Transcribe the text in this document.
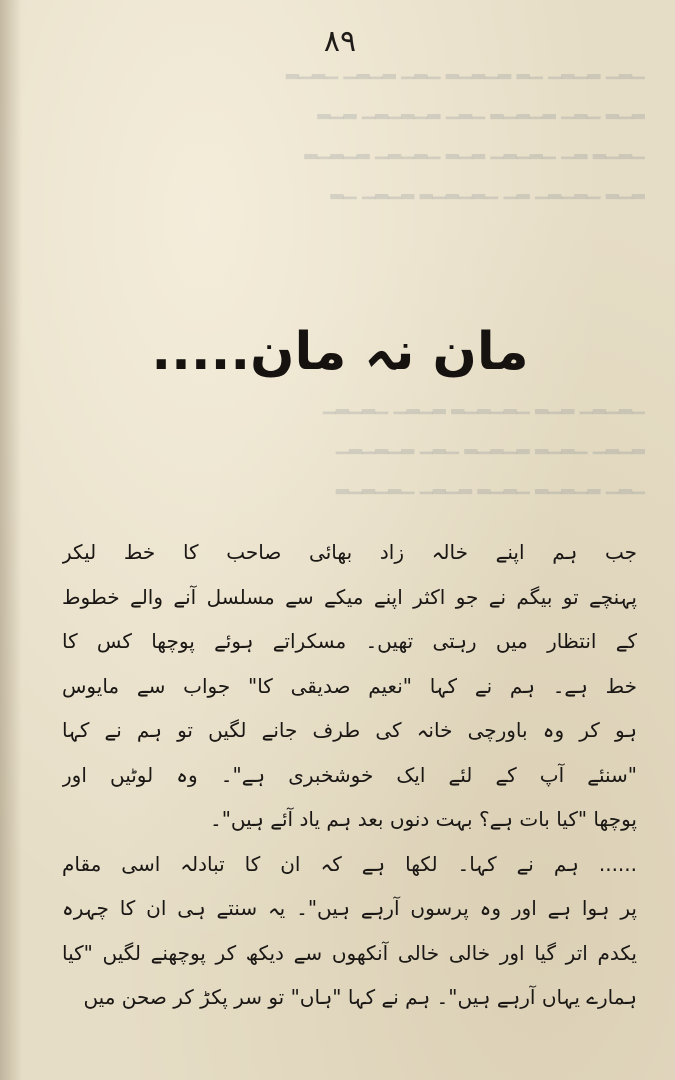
▁▂▁ ▂▁▂▁ ▁▂ ▂▁▂▁▂ ▁▂▁ ▂▁▂▁ ▁▂▁▂
▂▁▂ ▁▂▁ ▂▁▂▁▂ ▁▂▁ ▂▁▂▁▂▁ ▂▁▂
▁▂▁▂ ▂▁ ▁▂▁▂▁ ▂▁▂ ▁▂▁▂▁ ▂▁▂▁▂
▂▁▂ ▁▂▁▂▁ ▂▁ ▁▂▁▂▁▂ ▂▁▂▁ ▁▂
▁▂▁▂▁ ▂▁▂ ▁▂▁▂▁▂ ▂▁▂▁ ▁▂▁▂▁
▂▁▂▁ ▁▂▁▂ ▂▁▂▁▂ ▁▂▁ ▂▁▂▁▂▁
▁▂▁ ▂▁▂▁▂ ▁▂▁▂ ▂▁▂▁ ▁▂▁▂▁▂
۸۹
مان نہ مان.....
جب ہم اپنے خالہ زاد بھائی صاحب کا خط لیکر
پہنچے تو بیگم نے جو اکثر اپنے میکے سے مسلسل آنے والے خطوط
کے انتظار میں رہتی تھیں۔ مسکراتے ہوئے پوچھا کس کا
خط ہے۔ ہم نے کہا "نعیم صدیقی کا" جواب سے مایوس
ہو کر وہ باورچی خانہ کی طرف جانے لگیں تو ہم نے کہا
"سنئے آپ کے لئے ایک خوشخبری ہے"۔ وہ لوٹیں اور
پوچھا "کیا بات ہے؟ بہت دنوں بعد ہم یاد آئے ہیں"۔
...... ہم نے کہا۔ لکھا ہے کہ ان کا تبادلہ اسی مقام
پر ہوا ہے اور وہ پرسوں آرہے ہیں"۔ یہ سنتے ہی ان کا چہرہ
یکدم اتر گیا اور خالی خالی آنکھوں سے دیکھ کر پوچھنے لگیں "کیا
ہمارے یہاں آرہے ہیں"۔ ہم نے کہا "ہاں" تو سر پکڑ کر صحن میں
